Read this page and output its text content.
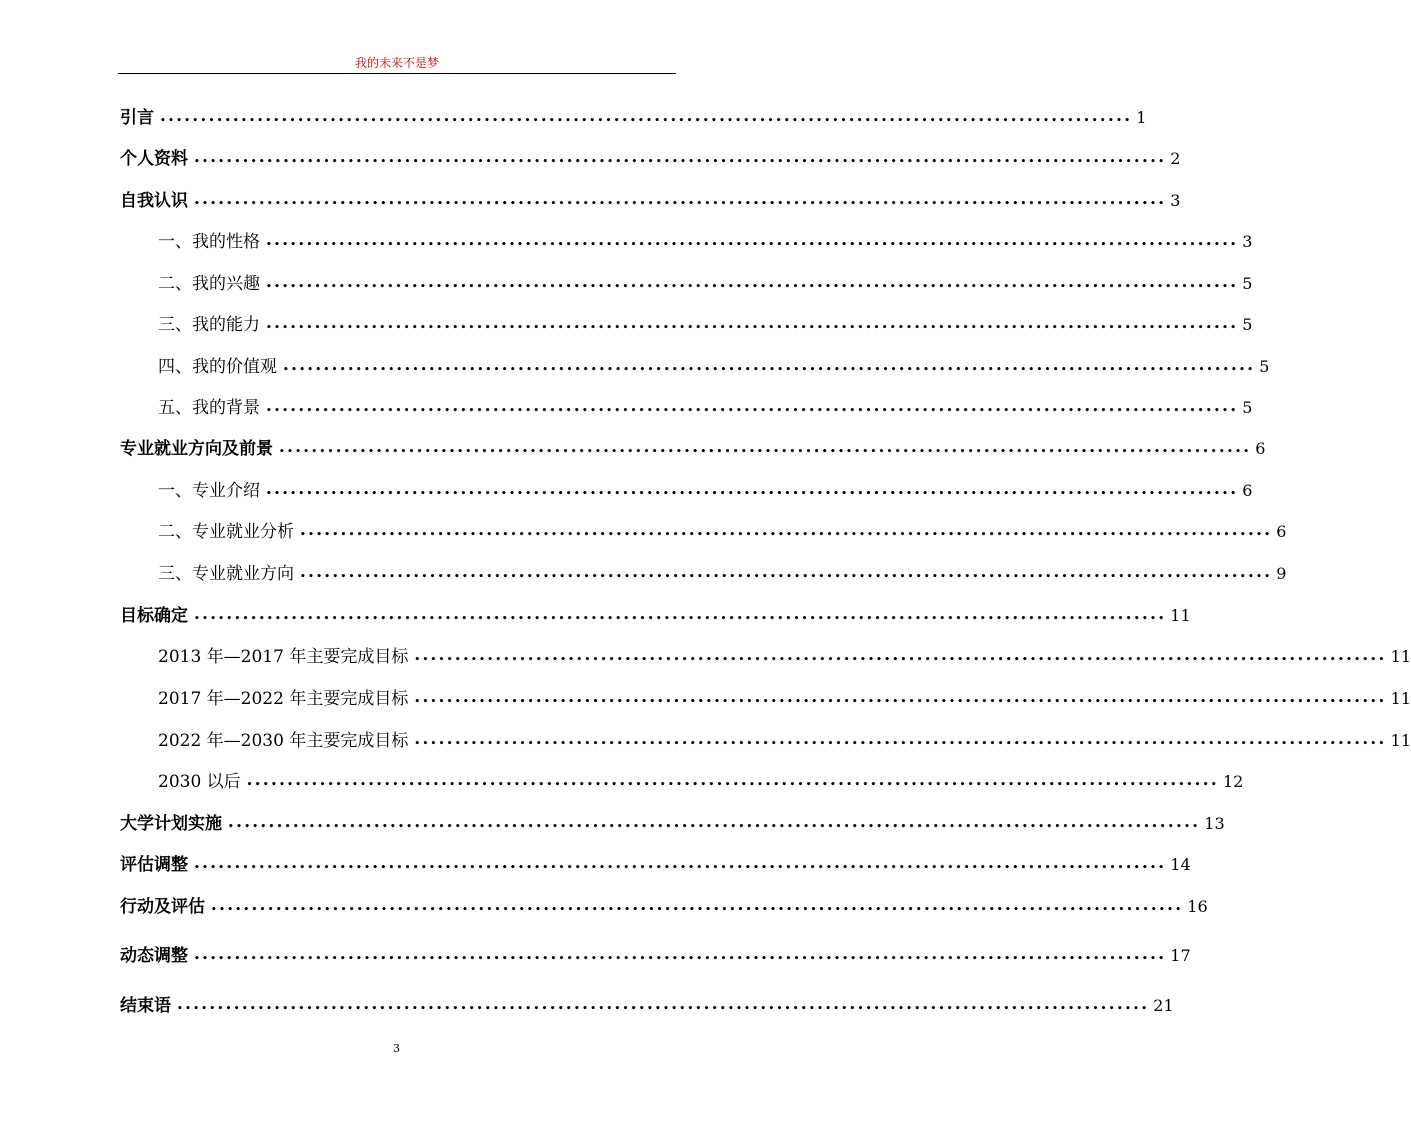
我的未来不是梦
引言 •••••••••••••••••••••••••••••••••••••••••••••••••••••••••••••••••••••••••••••••••••••••••••••••••••••••••••••••••••••••• 1
个人资料 •••••••••••••••••••••••••••••••••••••••••••••••••••••••••••••••••••••••••••••••••••••••••••••••••••••••••••••••••••••••• 2
自我认识 •••••••••••••••••••••••••••••••••••••••••••••••••••••••••••••••••••••••••••••••••••••••••••••••••••••••••••••••••••••••• 3
一、我的性格 •••••••••••••••••••••••••••••••••••••••••••••••••••••••••••••••••••••••••••••••••••••••••••••••••••••••••••••••••••••••• 3
二、我的兴趣 •••••••••••••••••••••••••••••••••••••••••••••••••••••••••••••••••••••••••••••••••••••••••••••••••••••••••••••••••••••••• 5
三、我的能力 •••••••••••••••••••••••••••••••••••••••••••••••••••••••••••••••••••••••••••••••••••••••••••••••••••••••••••••••••••••••• 5
四、我的价值观 •••••••••••••••••••••••••••••••••••••••••••••••••••••••••••••••••••••••••••••••••••••••••••••••••••••••••••••••••••••••• 5
五、我的背景 •••••••••••••••••••••••••••••••••••••••••••••••••••••••••••••••••••••••••••••••••••••••••••••••••••••••••••••••••••••••• 5
专业就业方向及前景 •••••••••••••••••••••••••••••••••••••••••••••••••••••••••••••••••••••••••••••••••••••••••••••••••••••••••••••••••••••••• 6
一、专业介绍 •••••••••••••••••••••••••••••••••••••••••••••••••••••••••••••••••••••••••••••••••••••••••••••••••••••••••••••••••••••••• 6
二、专业就业分析 •••••••••••••••••••••••••••••••••••••••••••••••••••••••••••••••••••••••••••••••••••••••••••••••••••••••••••••••••••••••• 6
三、专业就业方向 •••••••••••••••••••••••••••••••••••••••••••••••••••••••••••••••••••••••••••••••••••••••••••••••••••••••••••••••••••••••• 9
目标确定 •••••••••••••••••••••••••••••••••••••••••••••••••••••••••••••••••••••••••••••••••••••••••••••••••••••••••••••••••••••••• 11
2013 年—2017 年主要完成目标 •••••••••••••••••••••••••••••••••••••••••••••••••••••••••••••••••••••••••••••••••••••••••••••••••••••••••••••••••••••••• 11
2017 年—2022 年主要完成目标 •••••••••••••••••••••••••••••••••••••••••••••••••••••••••••••••••••••••••••••••••••••••••••••••••••••••••••••••••••••••• 11
2022 年—2030 年主要完成目标 •••••••••••••••••••••••••••••••••••••••••••••••••••••••••••••••••••••••••••••••••••••••••••••••••••••••••••••••••••••••• 11
2030 以后 •••••••••••••••••••••••••••••••••••••••••••••••••••••••••••••••••••••••••••••••••••••••••••••••••••••••••••••••••••••••• 12
大学计划实施 •••••••••••••••••••••••••••••••••••••••••••••••••••••••••••••••••••••••••••••••••••••••••••••••••••••••••••••••••••••••• 13
评估调整 •••••••••••••••••••••••••••••••••••••••••••••••••••••••••••••••••••••••••••••••••••••••••••••••••••••••••••••••••••••••• 14
行动及评估 •••••••••••••••••••••••••••••••••••••••••••••••••••••••••••••••••••••••••••••••••••••••••••••••••••••••••••••••••••••••• 16
动态调整 •••••••••••••••••••••••••••••••••••••••••••••••••••••••••••••••••••••••••••••••••••••••••••••••••••••••••••••••••••••••• 17
结束语 •••••••••••••••••••••••••••••••••••••••••••••••••••••••••••••••••••••••••••••••••••••••••••••••••••••••••••••••••••••••• 21
3
